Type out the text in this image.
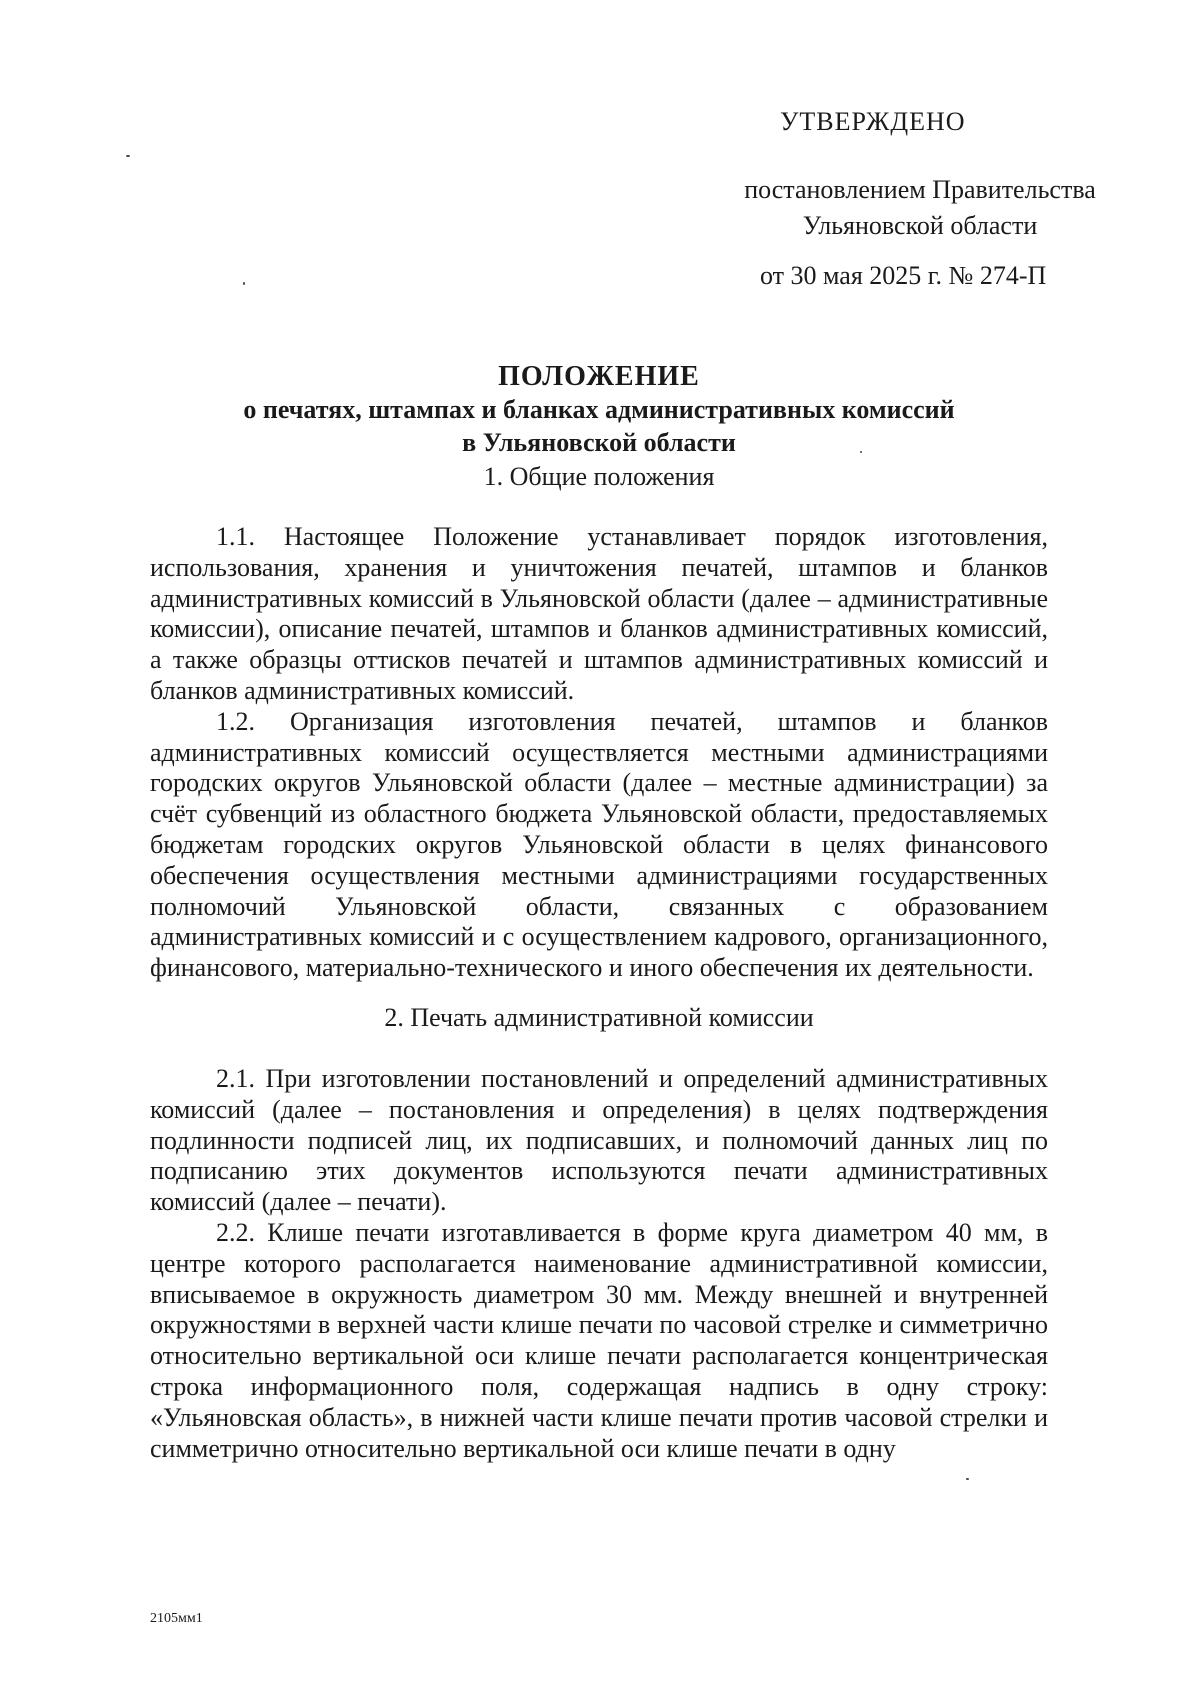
УТВЕРЖДЕНО
постановлением Правительства
Ульяновской области
от 30 мая 2025 г. № 274-П
ПОЛОЖЕНИЕ
о печатях, штампах и бланках административных комиссий
в Ульяновской области
1. Общие положения

1.1. Настоящее Положение устанавливает порядок изготовления, использования, хранения и уничтожения печатей, штампов и бланков административных комиссий в Ульяновской области (далее – административные комиссии), описание печатей, штампов и бланков административных комиссий, а также образцы оттисков печатей и штампов административных комиссий и бланков административных комиссий.

1.2. Организация изготовления печатей, штампов и бланков административных комиссий осуществляется местными администрациями городских округов Ульяновской области (далее – местные администрации) за счёт субвенций из областного бюджета Ульяновской области, предоставляемых бюджетам городских округов Ульяновской области в целях финансового обеспечения осуществления местными администрациями государственных полномочий Ульяновской области, связанных с образованием административных комиссий и с осуществлением кадрового, организационного, финансового, материально-технического и иного обеспечения их деятельности.

2. Печать административной комиссии

2.1. При изготовлении постановлений и определений административных комиссий (далее – постановления и определения) в целях подтверждения подлинности подписей лиц, их подписавших, и полномочий данных лиц по подписанию этих документов используются печати административных комиссий (далее – печати).

2.2. Клише печати изготавливается в форме круга диаметром 40 мм, в центре которого располагается наименование административной комиссии, вписываемое в окружность диаметром 30 мм. Между внешней и внутренней окружностями в верхней части клише печати по часовой стрелке и симметрично относительно вертикальной оси клише печати располагается концентрическая строка информационного поля, содержащая надпись в одну строку: «Ульяновская область», в нижней части клише печати против часовой стрелки и симметрично относительно вертикальной оси клише печати в одну

2105мм1
